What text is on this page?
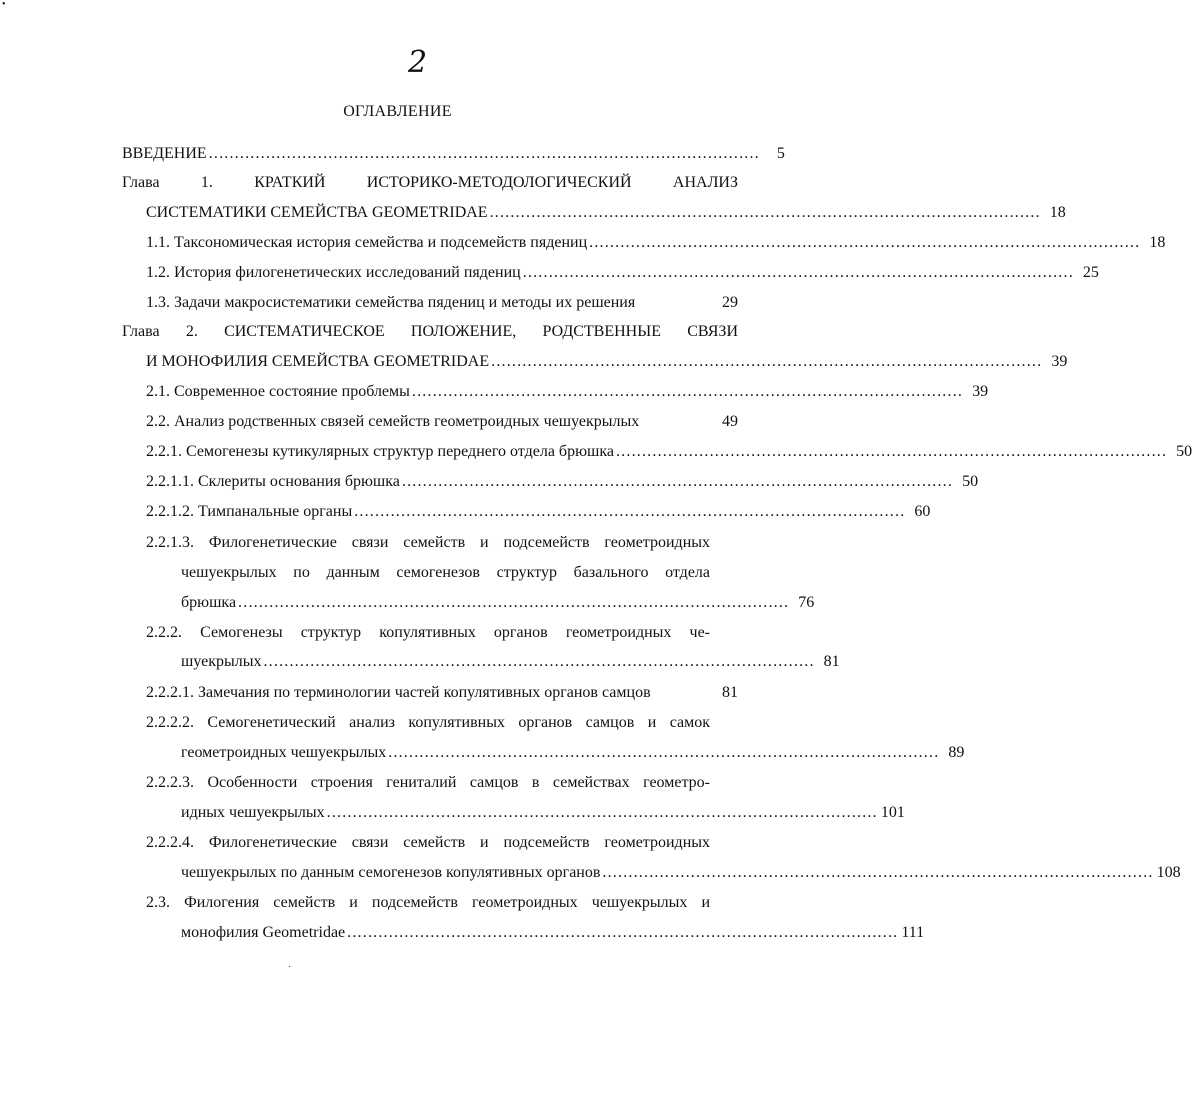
•
2
ОГЛАВЛЕНИЕ
ВВЕДЕНИЕ ..........................................................................................................	5
Глава 1. КРАТКИЙ ИСТОРИКО-МЕТОДОЛОГИЧЕСКИЙ АНАЛИЗ
СИСТЕМАТИКИ СЕМЕЙСТВА GEOMETRIDAE .......................................................................................................... 18
1.1. Таксономическая история семейства и подсемейств пядениц .......................................................................................................... 18
1.2. История филогенетических исследований пядениц .......................................................................................................... 25
1.3. Задачи макросистематики семейства пядениц и методы их решения	29
Глава 2. СИСТЕМАТИЧЕСКОЕ ПОЛОЖЕНИЕ, РОДСТВЕННЫЕ СВЯЗИ
И МОНОФИЛИЯ СЕМЕЙСТВА GEOMETRIDAE .......................................................................................................... 39
2.1. Современное состояние проблемы .......................................................................................................... 39
2.2. Анализ родственных связей семейств геометроидных чешуекрылых	49
2.2.1. Семогенезы кутикулярных структур переднего отдела брюшка .......................................................................................................... 50
2.2.1.1. Склериты основания брюшка .......................................................................................................... 50
2.2.1.2. Тимпанальные органы .......................................................................................................... 60
2.2.1.3. Филогенетические связи семейств и подсемейств геометроидных
чешуекрылых по данным семогенезов структур базального отдела
брюшка .......................................................................................................... 76
2.2.2. Семогенезы структур копулятивных органов геометроидных че-
шуекрылых .......................................................................................................... 81
2.2.2.1. Замечания по терминологии частей копулятивных органов самцов	81
2.2.2.2. Семогенетический анализ копулятивных органов самцов и самок
геометроидных чешуекрылых .......................................................................................................... 89
2.2.2.3. Особенности строения гениталий самцов в семействах геометро-
идных чешуекрылых .......................................................................................................... 101
2.2.2.4. Филогенетические связи семейств и подсемейств геометроидных
чешуекрылых по данным семогенезов копулятивных органов .......................................................................................................... 108
2.3. Филогения семейств и подсемейств геометроидных чешуекрылых и
монофилия Geometridae .......................................................................................................... 111
˙
